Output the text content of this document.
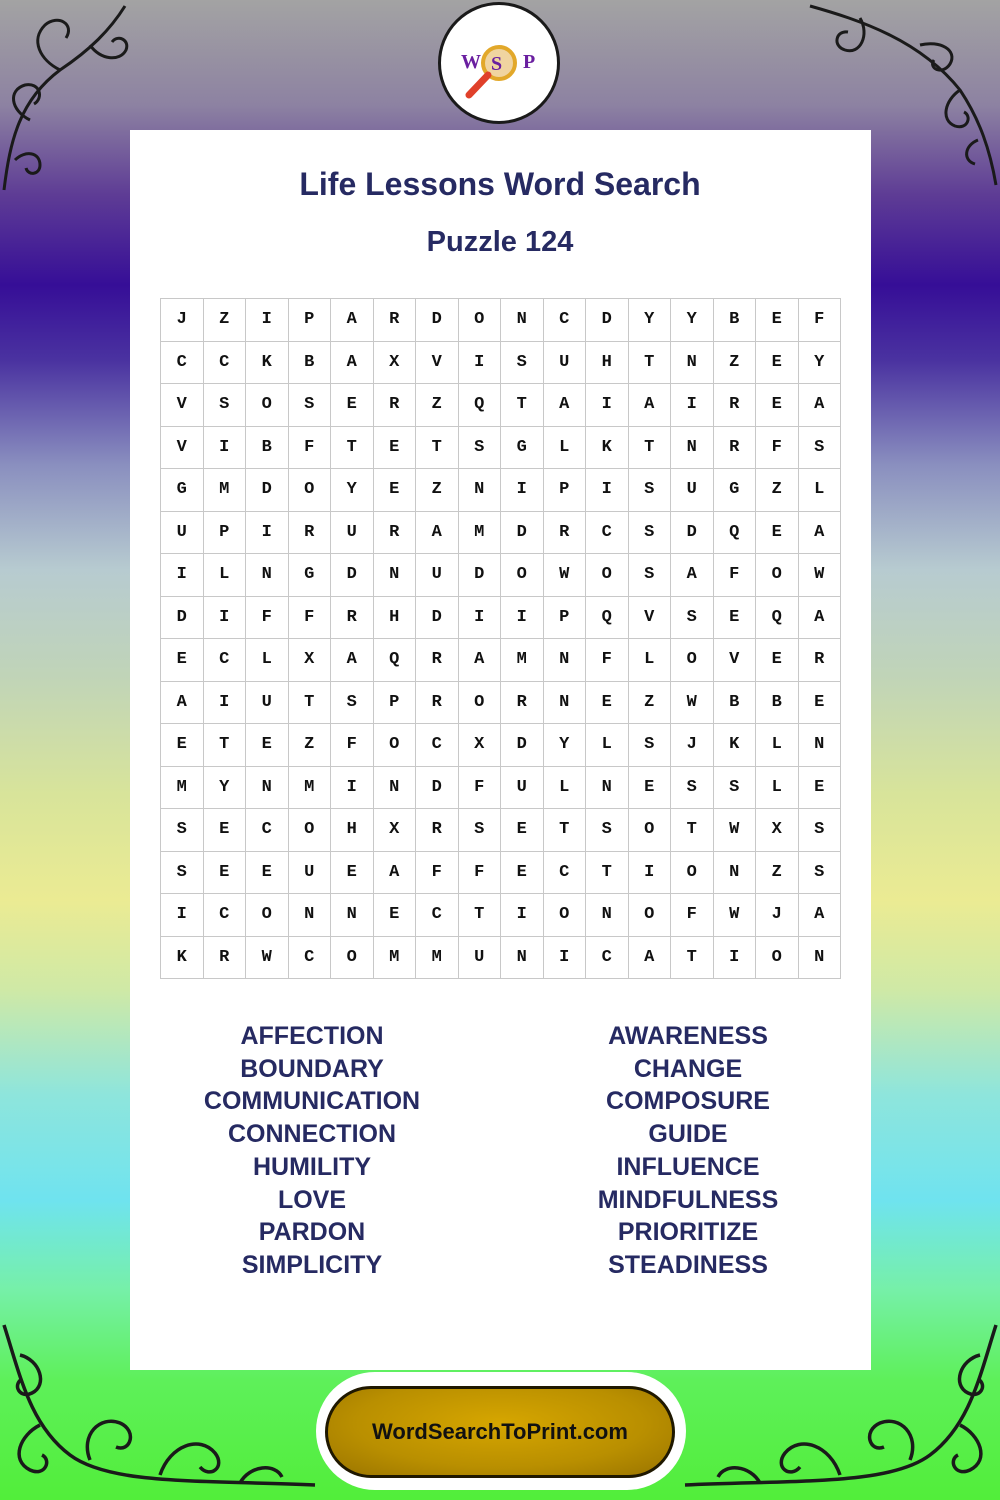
W S P
Life Lessons Word Search
Puzzle 124
J	Z	I	P	A	R	D	O	N	C	D	Y	Y	B	E	F
C	C	K	B	A	X	V	I	S	U	H	T	N	Z	E	Y
V	S	O	S	E	R	Z	Q	T	A	I	A	I	R	E	A
V	I	B	F	T	E	T	S	G	L	K	T	N	R	F	S
G	M	D	O	Y	E	Z	N	I	P	I	S	U	G	Z	L
U	P	I	R	U	R	A	M	D	R	C	S	D	Q	E	A
I	L	N	G	D	N	U	D	O	W	O	S	A	F	O	W
D	I	F	F	R	H	D	I	I	P	Q	V	S	E	Q	A
E	C	L	X	A	Q	R	A	M	N	F	L	O	V	E	R
A	I	U	T	S	P	R	O	R	N	E	Z	W	B	B	E
E	T	E	Z	F	O	C	X	D	Y	L	S	J	K	L	N
M	Y	N	M	I	N	D	F	U	L	N	E	S	S	L	E
S	E	C	O	H	X	R	S	E	T	S	O	T	W	X	S
S	E	E	U	E	A	F	F	E	C	T	I	O	N	Z	S
I	C	O	N	N	E	C	T	I	O	N	O	F	W	J	A
K	R	W	C	O	M	M	U	N	I	C	A	T	I	O	N
AFFECTION
BOUNDARY
COMMUNICATION
CONNECTION
HUMILITY
LOVE
PARDON
SIMPLICITY
AWARENESS
CHANGE
COMPOSURE
GUIDE
INFLUENCE
MINDFULNESS
PRIORITIZE
STEADINESS
WordSearchToPrint.com
